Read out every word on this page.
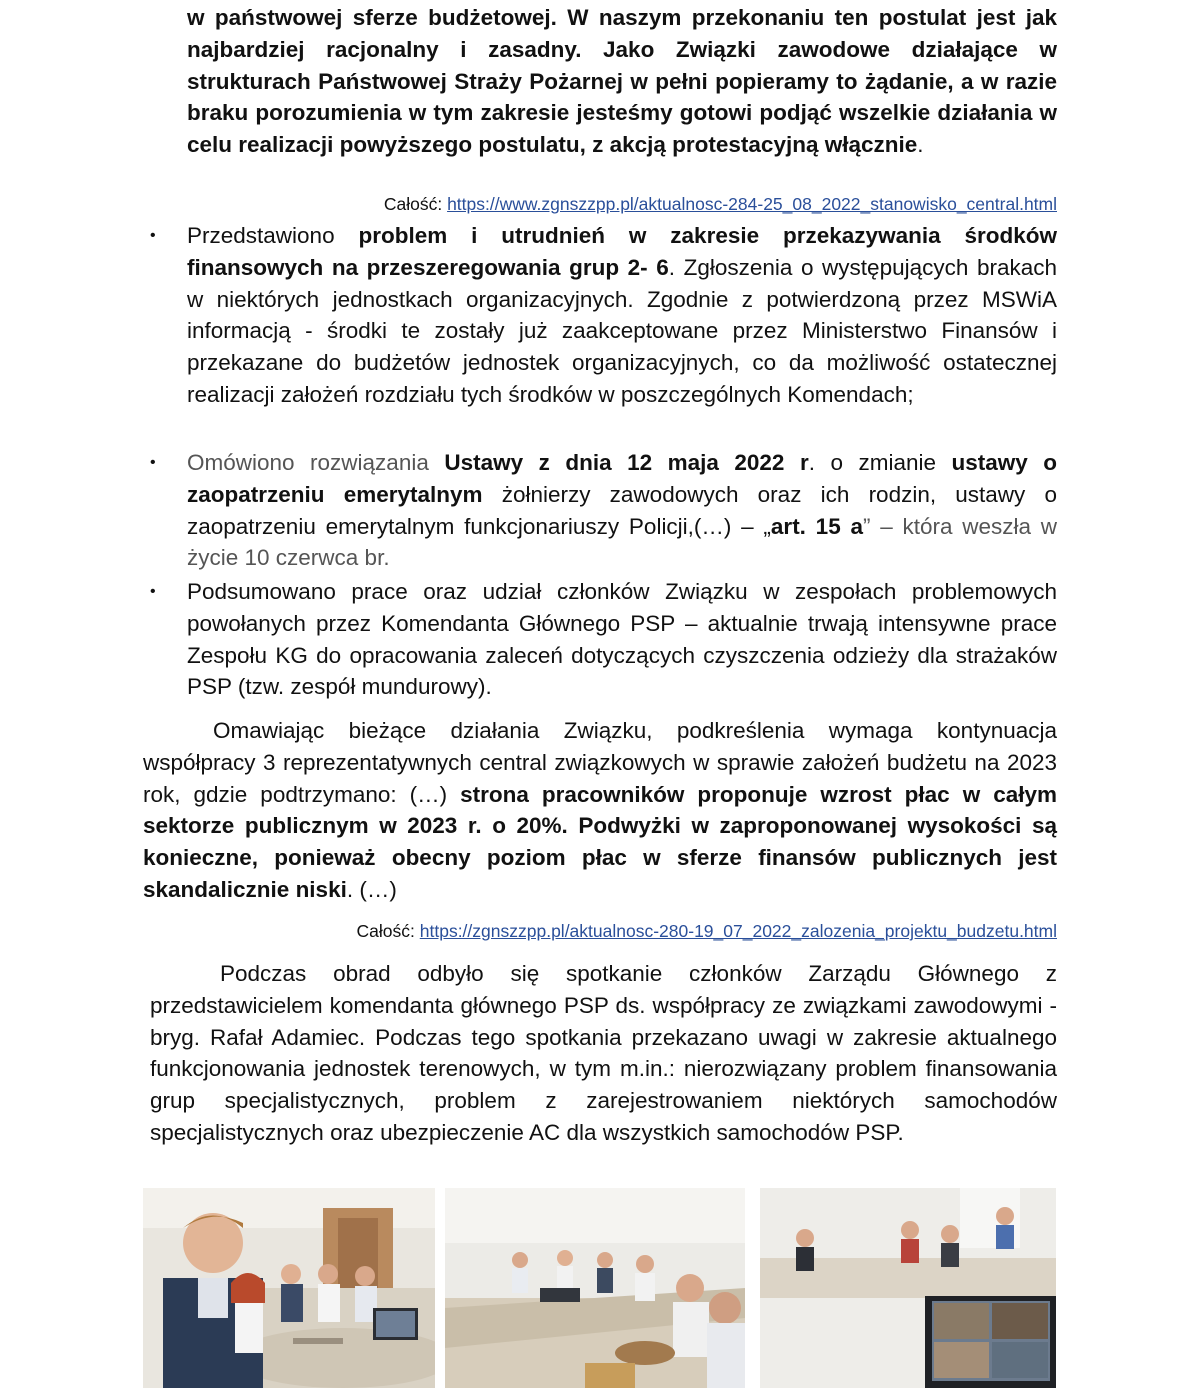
w państwowej sferze budżetowej. W naszym przekonaniu ten postulat jest jak najbardziej racjonalny i zasadny. Jako Związki zawodowe działające w strukturach Państwowej Straży Pożarnej w pełni popieramy to żądanie, a w razie braku porozumienia w tym zakresie jesteśmy gotowi podjąć wszelkie działania w celu realizacji powyższego postulatu, z akcją protestacyjną włącznie.

Całość: https://www.zgnszzpp.pl/aktualnosc-284-25_08_2022_stanowisko_central.html
• Przedstawiono problem i utrudnień w zakresie przekazywania środków finansowych na przeszeregowania grup 2- 6. Zgłoszenia o występujących brakach w niektórych jednostkach organizacyjnych. Zgodnie z potwierdzoną przez MSWiA informacją - środki te zostały już zaakceptowane przez Ministerstwo Finansów i przekazane do budżetów jednostek organizacyjnych, co da możliwość ostatecznej realizacji założeń rozdziału tych środków w poszczególnych Komendach;

• Omówiono rozwiązania Ustawy z dnia 12 maja 2022 r. o zmianie ustawy o zaopatrzeniu emerytalnym żołnierzy zawodowych oraz ich rodzin, ustawy o zaopatrzeniu emerytalnym funkcjonariuszy Policji,(…) – „art. 15 a” – która weszła w życie 10 czerwca br.

• Podsumowano prace oraz udział członków Związku w zespołach problemowych powołanych przez Komendanta Głównego PSP – aktualnie trwają intensywne prace Zespołu KG do opracowania zaleceń dotyczących czyszczenia odzieży dla strażaków PSP (tzw. zespół mundurowy).

Omawiając bieżące działania Związku, podkreślenia wymaga kontynuacja współpracy 3 reprezentatywnych central związkowych w sprawie założeń budżetu na 2023 rok, gdzie podtrzymano: (…) strona pracowników proponuje wzrost płac w całym sektorze publicznym w 2023 r. o 20%. Podwyżki w zaproponowanej wysokości są konieczne, ponieważ obecny poziom płac w sferze finansów publicznych jest skandalicznie niski. (…)

Całość: https://zgnszzpp.pl/aktualnosc-280-19_07_2022_zalozenia_projektu_budzetu.html

Podczas obrad odbyło się spotkanie członków Zarządu Głównego z przedstawicielem komendanta głównego PSP ds. współpracy ze związkami zawodowymi - bryg. Rafał Adamiec. Podczas tego spotkania przekazano uwagi w zakresie aktualnego funkcjonowania jednostek terenowych, w tym m.in.: nierozwiązany problem finansowania grup specjalistycznych, problem z zarejestrowaniem niektórych samochodów specjalistycznych oraz ubezpieczenie AC dla wszystkich samochodów PSP.
